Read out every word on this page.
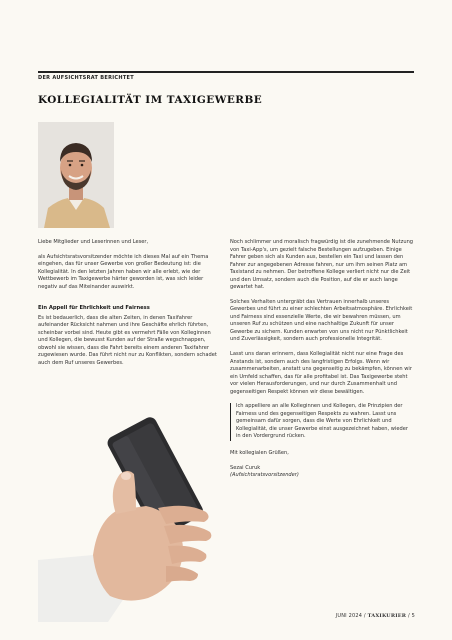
DER AUFSICHTSRAT BERICHTET
KOLLEGIALITÄT IM TAXIGEWERBE

Liebe Mitglieder und Leserinnen und Leser,

als Aufsichtsratsvorsitzender möchte ich dieses Mal auf ein Thema eingehen, das für unser Gewerbe von großer Bedeutung ist: die Kollegialität. In den letzten Jahren haben wir alle erlebt, wie der Wettbewerb im Taxigewerbe härter geworden ist, was sich leider negativ auf das Miteinander auswirkt.

Ein Appell für Ehrlichkeit und Fairness

Es ist bedauerlich, dass die alten Zeiten, in denen Taxifahrer aufeinander Rücksicht nahmen und ihre Geschäfte ehrlich führten, scheinbar vorbei sind. Heute gibt es vermehrt Fälle von Kolleginnen und Kollegen, die bewusst Kunden auf der Straße wegschnappen, obwohl sie wissen, dass die Fahrt bereits einem anderen Taxifahrer zugewiesen wurde. Das führt nicht nur zu Konflikten, sondern schadet auch dem Ruf unseres Gewerbes.

Noch schlimmer und moralisch fragwürdig ist die zunehmende Nutzung von Taxi-App's, um gezielt falsche Bestellungen aufzugeben. Einige Fahrer geben sich als Kunden aus, bestellen ein Taxi und lassen den Fahrer zur angegebenen Adresse fahren, nur um ihm seinen Platz am Taxistand zu nehmen. Der betroffene Kollege verliert nicht nur die Zeit und den Umsatz, sondern auch die Position, auf die er auch lange gewartet hat.

Solches Verhalten untergräbt das Vertrauen innerhalb unseres Gewerbes und führt zu einer schlechten Arbeitsatmosphäre. Ehrlichkeit und Fairness sind essenzielle Werte, die wir bewahren müssen, um unseren Ruf zu schützen und eine nachhaltige Zukunft für unser Gewerbe zu sichern. Kunden erwarten von uns nicht nur Pünktlichkeit und Zuverlässigkeit, sondern auch professionelle Integrität.

Lasst uns daran erinnern, dass Kollegialität nicht nur eine Frage des Anstands ist, sondern auch des langfristigen Erfolgs. Wenn wir zusammenarbeiten, anstatt uns gegenseitig zu bekämpfen, können wir ein Umfeld schaffen, das für alle profitabel ist. Das Taxigewerbe steht vor vielen Herausforderungen, und nur durch Zusammenhalt und gegenseitigen Respekt können wir diese bewältigen.

Ich appelliere an alle Kolleginnen und Kollegen, die Prinzipien der Fairness und des gegenseitigen Respekts zu wahren. Lasst uns gemeinsam dafür sorgen, dass die Werte von Ehrlichkeit und Kollegialität, die unser Gewerbe einst ausgezeichnet haben, wieder in den Vordergrund rücken.

Mit kollegialen Grüßen,

Sezai Curuk
(Aufsichtsratsvorsitzender)

JUNI 2024 / TAXIKURIER / 5
